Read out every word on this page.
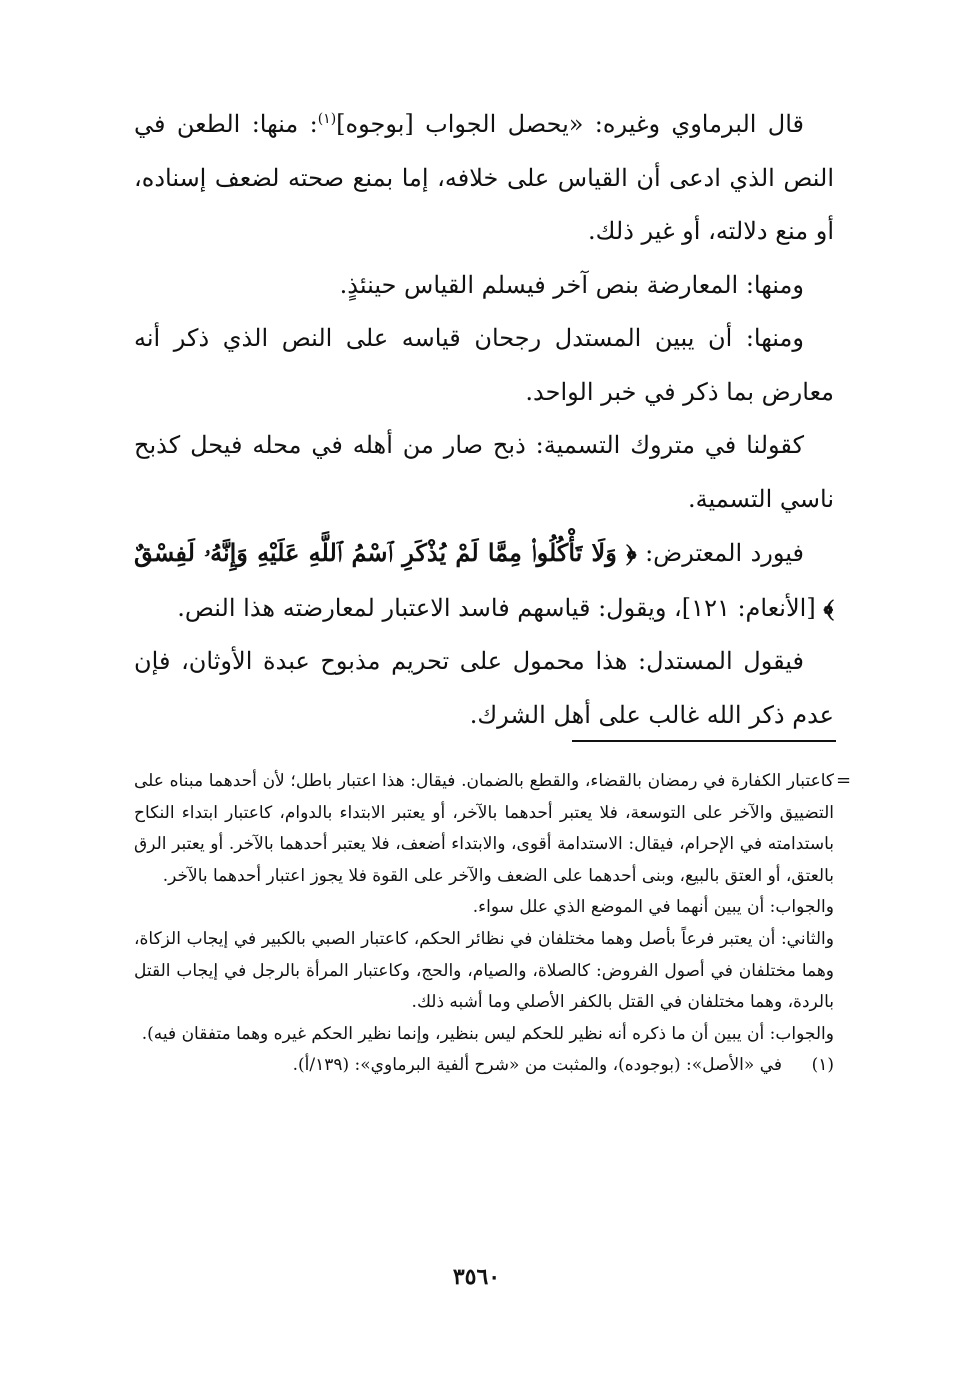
قال البرماوي وغيره: «يحصل الجواب [بوجوه]$^{(١)}$: منها: الطعن في النص الذي ادعى أن القياس على خلافه، إما بمنع صحته لضعف إسناده، أو منع دلالته، أو غير ذلك.

ومنها: المعارضة بنص آخر فيسلم القياس حينئذٍ.

ومنها: أن يبين المستدل رجحان قياسه على النص الذي ذكر أنه معارض بما ذكر في خبر الواحد.

كقولنا في متروك التسمية: ذبح صار من أهله في محله فيحل كذبح ناسي التسمية.

فيورد المعترض: ﴿ وَلَا تَأْكُلُوا۟ مِمَّا لَمْ يُذْكَرِ ٱسْمُ ٱللَّهِ عَلَيْهِ وَإِنَّهُۥ لَفِسْقٌ ﴾ [الأنعام: ١٢١]، ويقول: قياسهم فاسد الاعتبار لمعارضته هذا النص.

فيقول المستدل: هذا محمول على تحريم مذبوح عبدة الأوثان، فإن عدم ذكر الله غالب على أهل الشرك.

=

كاعتبار الكفارة في رمضان بالقضاء، والقطع بالضمان. فيقال: هذا اعتبار باطل؛ لأن أحدهما مبناه على التضييق والآخر على التوسعة، فلا يعتبر أحدهما بالآخر، أو يعتبر الابتداء بالدوام، كاعتبار ابتداء النكاح باستدامته في الإحرام، فيقال: الاستدامة أقوى، والابتداء أضعف، فلا يعتبر أحدهما بالآخر. أو يعتبر الرق بالعتق، أو العتق بالبيع، وبنى أحدهما على الضعف والآخر على القوة فلا يجوز اعتبار أحدهما بالآخر.

والجواب: أن يبين أنهما في الموضع الذي علل سواء.

والثاني: أن يعتبر فرعاً بأصل وهما مختلفان في نظائر الحكم، كاعتبار الصبي بالكبير في إيجاب الزكاة، وهما مختلفان في أصول الفروض: كالصلاة، والصيام، والحج، وكاعتبار المرأة بالرجل في إيجاب القتل بالردة، وهما مختلفان في القتل بالكفر الأصلي وما أشبه ذلك.

والجواب: أن يبين أن ما ذكره أنه نظير للحكم ليس بنظير، وإنما نظير الحكم غيره وهما متفقان فيه).

(١)في «الأصل»: (بوجوده)، والمثبت من «شرح ألفية البرماوي»: (١٣٩/أ).

٣٥٦٠
